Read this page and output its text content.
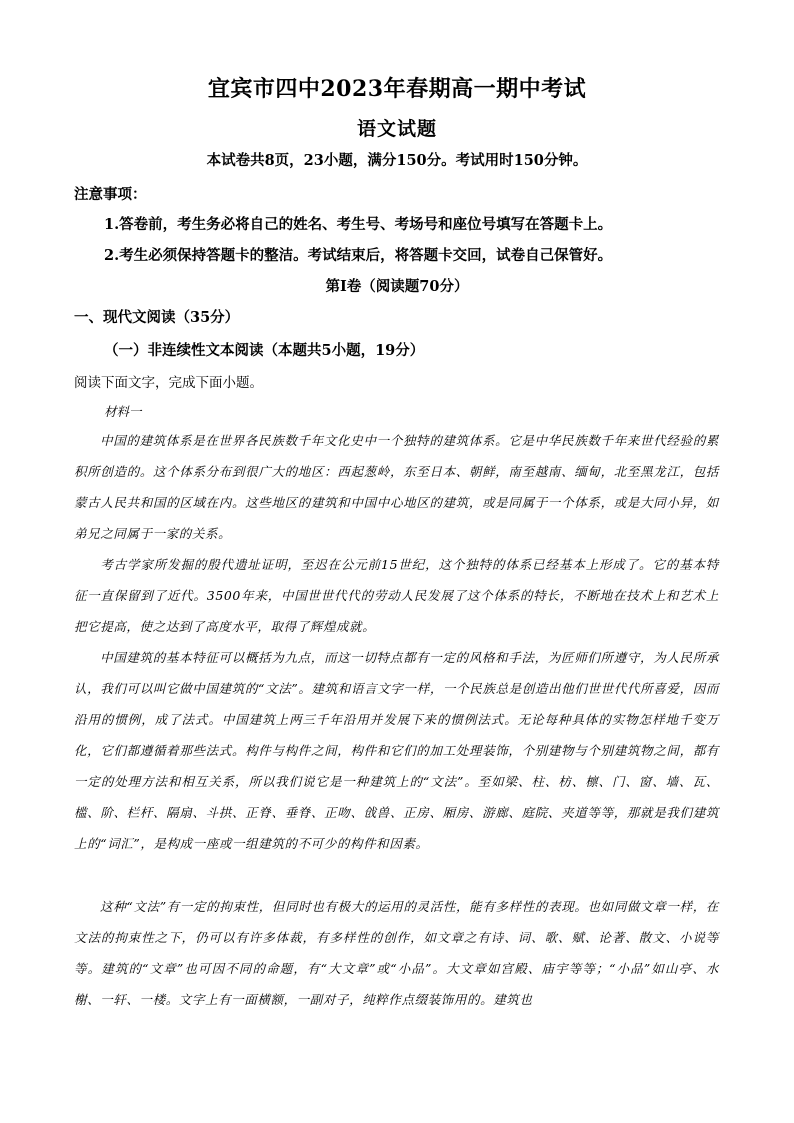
宜宾市四中2023年春期高一期中考试
语文试题
本试卷共8页，23小题，满分150分。考试用时150分钟。
注意事项：
1.答卷前，考生务必将自己的姓名、考生号、考场号和座位号填写在答题卡上。
2.考生必须保持答题卡的整洁。考试结束后，将答题卡交回，试卷自己保管好。
第Ⅰ卷（阅读题70分）
一、现代文阅读（35分）
（一）非连续性文本阅读（本题共5小题，19分）
阅读下面文字，完成下面小题。
材料一
中国的建筑体系是在世界各民族数千年文化史中一个独特的建筑体系。它是中华民族数千年来世代经验的累积所创造的。这个体系分布到很广大的地区：西起葱岭，东至日本、朝鲜，南至越南、缅甸，北至黑龙江，包括蒙古人民共和国的区域在内。这些地区的建筑和中国中心地区的建筑，或是同属于一个体系，或是大同小异，如弟兄之同属于一家的关系。
考古学家所发掘的殷代遗址证明，至迟在公元前15世纪，这个独特的体系已经基本上形成了。它的基本特征一直保留到了近代。3500年来，中国世世代代的劳动人民发展了这个体系的特长，不断地在技术上和艺术上把它提高，使之达到了高度水平，取得了辉煌成就。
中国建筑的基本特征可以概括为九点，而这一切特点都有一定的风格和手法，为匠师们所遵守，为人民所承认，我们可以叫它做中国建筑的“文法”。建筑和语言文字一样，一个民族总是创造出他们世世代代所喜爱，因而沿用的惯例，成了法式。中国建筑上两三千年沿用并发展下来的惯例法式。无论每种具体的实物怎样地千变万化，它们都遵循着那些法式。构件与构件之间，构件和它们的加工处理装饰，个别建物与个别建筑物之间，都有一定的处理方法和相互关系，所以我们说它是一种建筑上的“文法”。至如梁、柱、枋、檩、门、窗、墙、瓦、槛、阶、栏杆、隔扇、斗拱、正脊、垂脊、正吻、戗兽、正房、厢房、游廊、庭院、夹道等等，那就是我们建筑上的“词汇”，是构成一座或一组建筑的不可少的构件和因素。
这种“文法”有一定的拘束性，但同时也有极大的运用的灵活性，能有多样性的表现。也如同做文章一样，在文法的拘束性之下，仍可以有许多体裁，有多样性的创作，如文章之有诗、词、歌、赋、论著、散文、小说等等。建筑的“文章”也可因不同的命题，有“大文章”或“小品”。大文章如宫殿、庙宇等等；“小品”如山亭、水榭、一轩、一楼。文字上有一面横额，一副对子，纯粹作点缀装饰用的。建筑也
